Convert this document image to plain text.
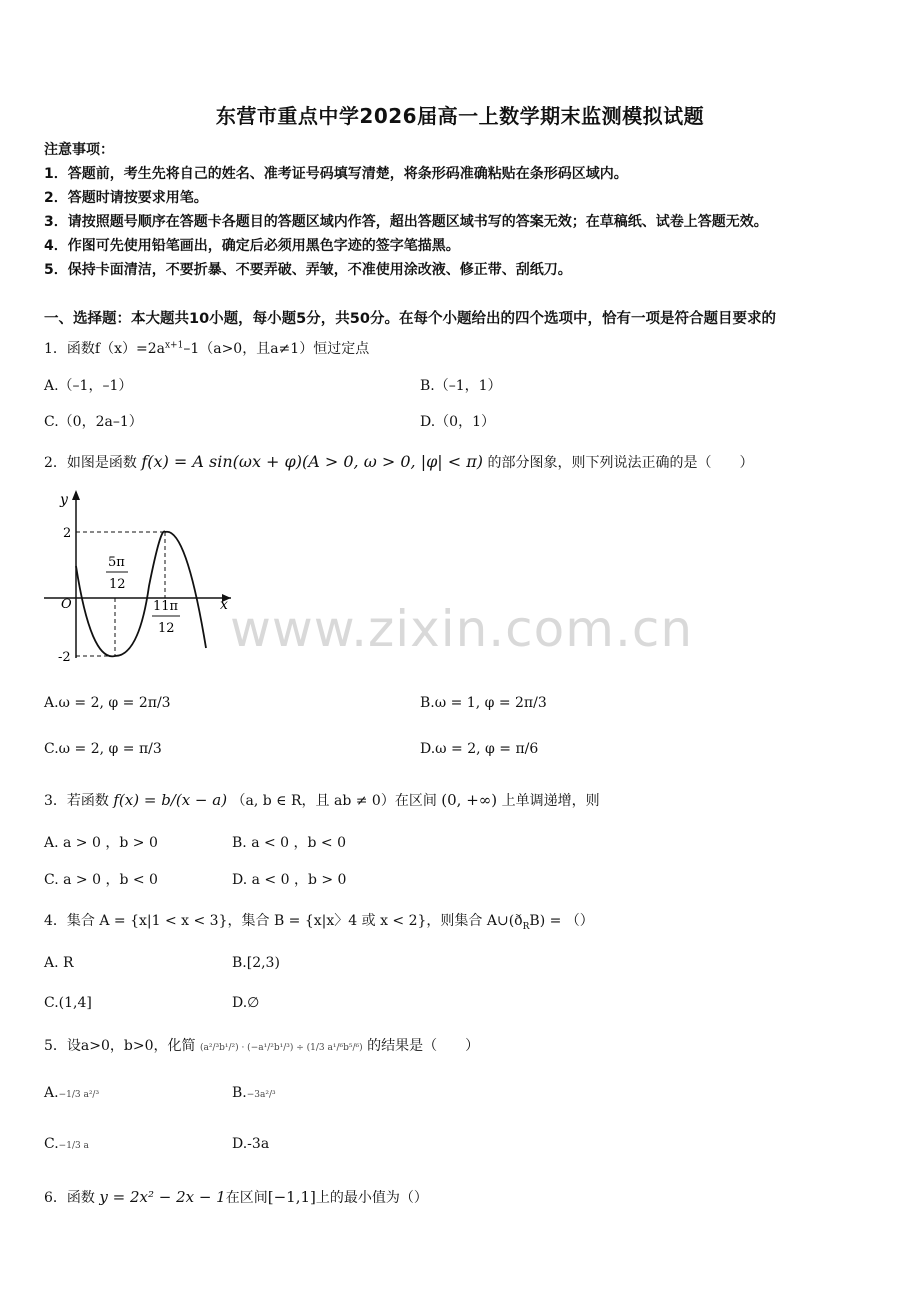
东营市重点中学2026届高一上数学期末监测模拟试题
注意事项：
1．答题前，考生先将自己的姓名、准考证号码填写清楚，将条形码准确粘贴在条形码区域内。
2．答题时请按要求用笔。
3．请按照题号顺序在答题卡各题目的答题区域内作答，超出答题区域书写的答案无效；在草稿纸、试卷上答题无效。
4．作图可先使用铅笔画出，确定后必须用黑色字迹的签字笔描黑。
5．保持卡面清洁，不要折暴、不要弄破、弄皱，不准使用涂改液、修正带、刮纸刀。
一、选择题：本大题共10小题，每小题5分，共50分。在每个小题给出的四个选项中，恰有一项是符合题目要求的
1．函数$f(x)=2a^{x+1}-1(a>0$，且a≠1）恒过定点
A.（–1，–1）	B.（–1，1）
C.（0，2a–1）	D.（0，1）
2．如图是函数 f(x) = A sin(ωx + φ)(A > 0, ω > 0, |φ| < π) 的部分图象，则下列说法正确的是（　　）
y
x
O
2
-2
5π
12
11π
12
A.ω = 2, φ = 2π/3	B.ω = 1, φ = 2π/3
C.ω = 2, φ = π/3	D.ω = 2, φ = π/6
3．若函数 f(x) = b/(x − a) （a, b ∈ R，且 ab ≠ 0）在区间 (0, +∞) 上单调递增，则
A. a > 0 ，b > 0	B. a < 0 ，b < 0
C. a > 0 ，b < 0	D. a < 0 ，b > 0
4．集合 A = {x|1 < x < 3}，集合 B = {x|x〉4 或 x < 2}，则集合 $A\cup(ð_RB)$ = （）
A. R	B.[2,3)
C.(1,4]	D.∅
5．设a>0，b>0，化简 (a²/³b¹/²) · (−a¹/²b¹/³) ÷ (1/3 a¹/⁶b⁵/⁶) 的结果是（　　）
A.−1/3 a²/³	B.−3a²/³
C.−1/3 a	D.-3a
6．函数 y = 2x² − 2x − 1在区间[−1,1]上的最小值为（）
www.zixin.com.cn
